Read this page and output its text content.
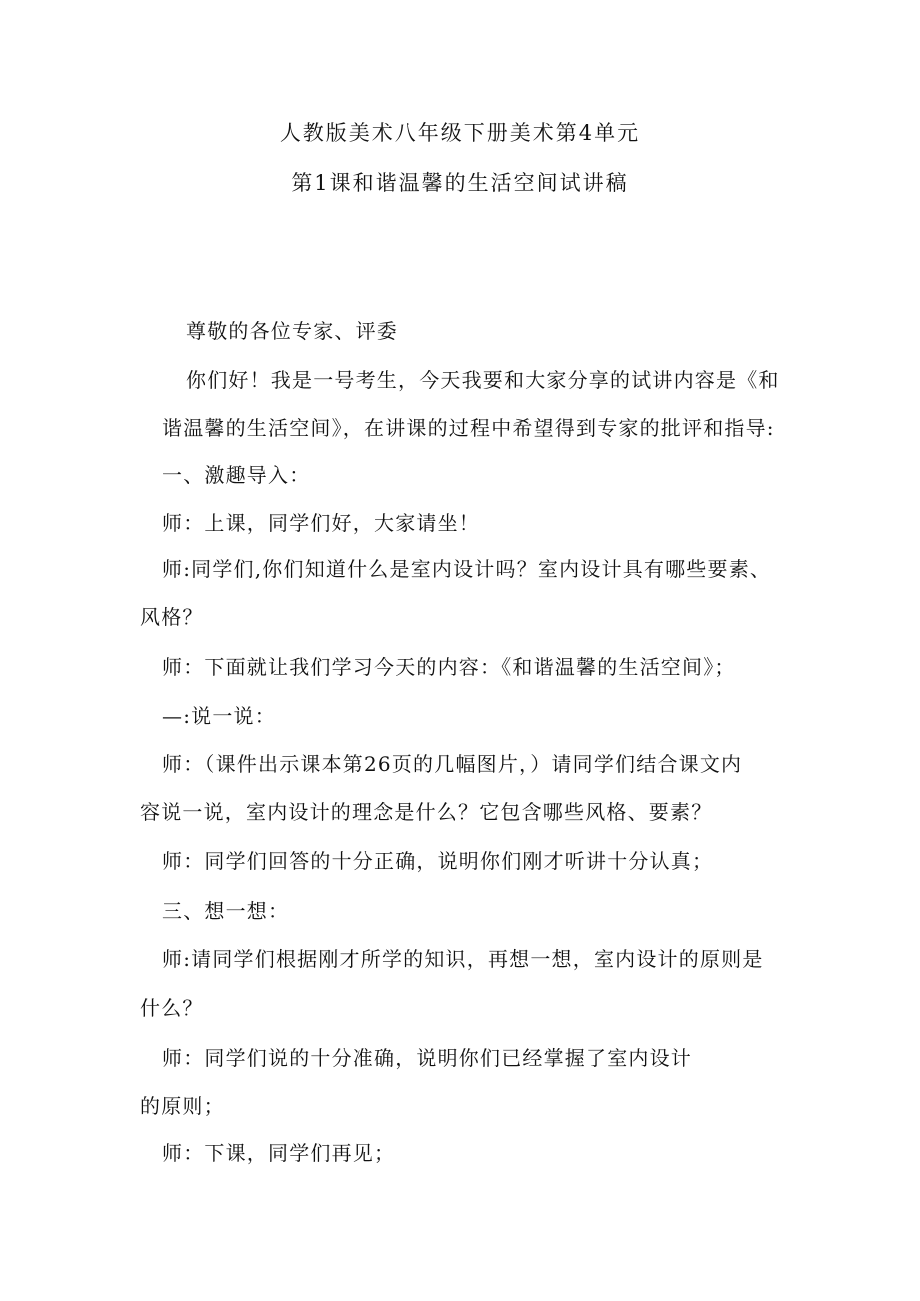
人教版美术八年级下册美术第4单元
第1课和谐温馨的生活空间试讲稿
尊敬的各位专家、评委
你们好！我是一号考生，今天我要和大家分享的试讲内容是《和
谐温馨的生活空间》，在讲课的过程中希望得到专家的批评和指导:
一、激趣导入：
师：上课，同学们好，大家请坐！
师:同学们,你们知道什么是室内设计吗？室内设计具有哪些要素、
风格？
师：下面就让我们学习今天的内容：《和谐温馨的生活空间》；
—:说一说：
师：（课件出示课本第26页的几幅图片，）请同学们结合课文内
容说一说，室内设计的理念是什么？它包含哪些风格、要素？
师：同学们回答的十分正确，说明你们刚才听讲十分认真；
三、想一想：
师:请同学们根据刚才所学的知识，再想一想，室内设计的原则是
什么？
师：同学们说的十分准确，说明你们已经掌握了室内设计
的原则；
师：下课，同学们再见；
